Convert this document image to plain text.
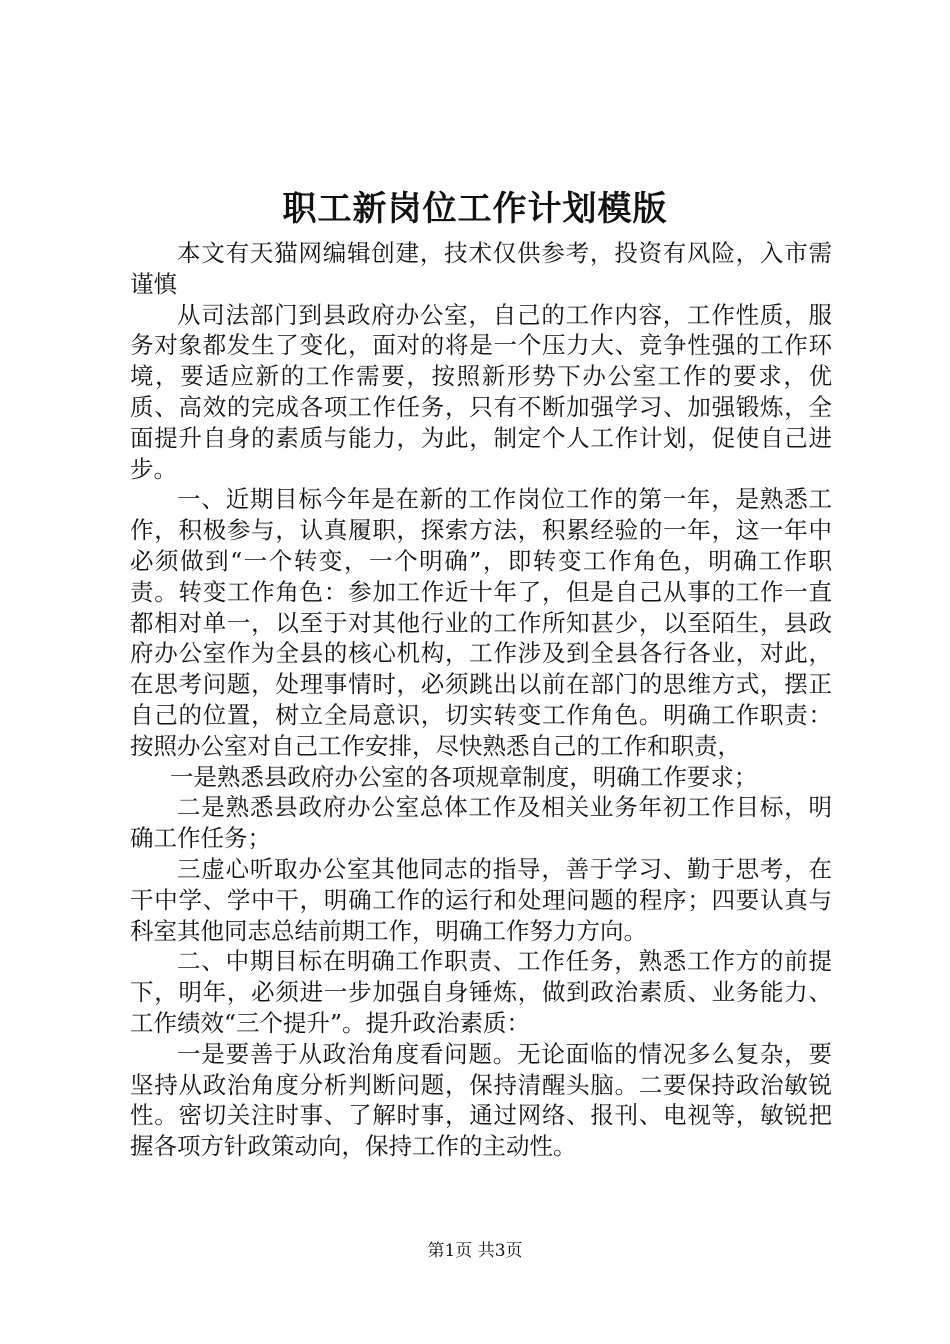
职工新岗位工作计划模版

本文有天猫网编辑创建，技术仅供参考，投资有风险，入市需谨慎

从司法部门到县政府办公室，自己的工作内容，工作性质，服务对象都发生了变化，面对的将是一个压力大、竞争性强的工作环境，要适应新的工作需要，按照新形势下办公室工作的要求，优质、高效的完成各项工作任务，只有不断加强学习、加强锻炼，全面提升自身的素质与能力，为此，制定个人工作计划，促使自己进步。

一、近期目标今年是在新的工作岗位工作的第一年，是熟悉工作，积极参与，认真履职，探索方法，积累经验的一年，这一年中必须做到“一个转变，一个明确”，即转变工作角色，明确工作职责。转变工作角色：参加工作近十年了，但是自己从事的工作一直都相对单一，以至于对其他行业的工作所知甚少，以至陌生，县政府办公室作为全县的核心机构，工作涉及到全县各行各业，对此，在思考问题，处理事情时，必须跳出以前在部门的思维方式，摆正自己的位置，树立全局意识，切实转变工作角色。明确工作职责：按照办公室对自己工作安排，尽快熟悉自己的工作和职责，

一是熟悉县政府办公室的各项规章制度，明确工作要求；

二是熟悉县政府办公室总体工作及相关业务年初工作目标，明确工作任务；

三虚心听取办公室其他同志的指导，善于学习、勤于思考，在干中学、学中干，明确工作的运行和处理问题的程序；四要认真与科室其他同志总结前期工作，明确工作努力方向。

二、中期目标在明确工作职责、工作任务，熟悉工作方的前提下，明年，必须进一步加强自身锤炼，做到政治素质、业务能力、工作绩效“三个提升”。提升政治素质：

一是要善于从政治角度看问题。无论面临的情况多么复杂，要坚持从政治角度分析判断问题，保持清醒头脑。二要保持政治敏锐性。密切关注时事、了解时事，通过网络、报刊、电视等，敏锐把握各项方针政策动向，保持工作的主动性。

第1页 共3页
